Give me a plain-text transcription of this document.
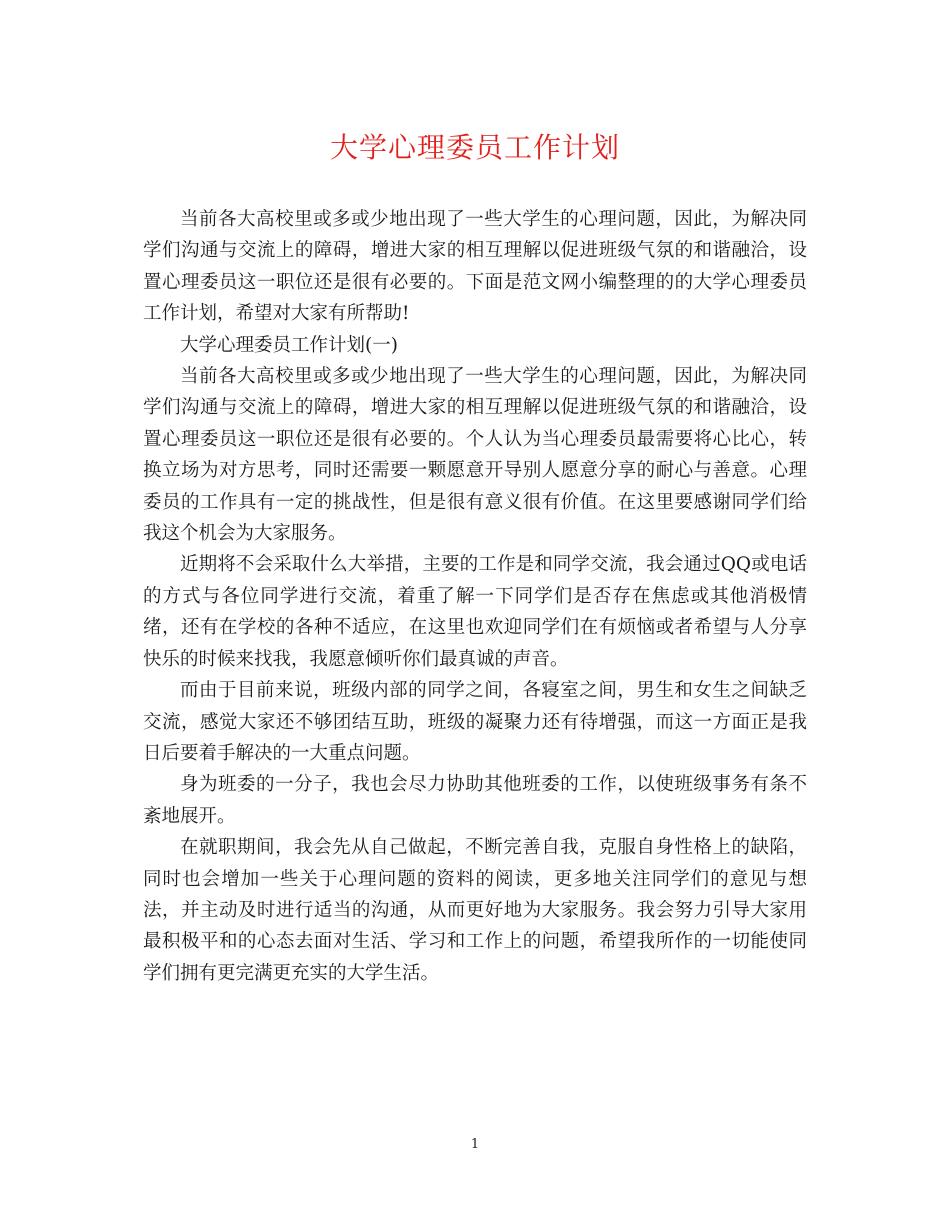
大学心理委员工作计划

当前各大高校里或多或少地出现了一些大学生的心理问题，因此，为解决同学们沟通与交流上的障碍，增进大家的相互理解以促进班级气氛的和谐融洽，设置心理委员这一职位还是很有必要的。下面是范文网小编整理的的大学心理委员工作计划，希望对大家有所帮助!

大学心理委员工作计划(一)

当前各大高校里或多或少地出现了一些大学生的心理问题，因此，为解决同学们沟通与交流上的障碍，增进大家的相互理解以促进班级气氛的和谐融洽，设置心理委员这一职位还是很有必要的。个人认为当心理委员最需要将心比心，转换立场为对方思考，同时还需要一颗愿意开导别人愿意分享的耐心与善意。心理委员的工作具有一定的挑战性，但是很有意义很有价值。在这里要感谢同学们给我这个机会为大家服务。

近期将不会采取什么大举措，主要的工作是和同学交流，我会通过QQ或电话的方式与各位同学进行交流，着重了解一下同学们是否存在焦虑或其他消极情绪，还有在学校的各种不适应，在这里也欢迎同学们在有烦恼或者希望与人分享快乐的时候来找我，我愿意倾听你们最真诚的声音。

而由于目前来说，班级内部的同学之间，各寝室之间，男生和女生之间缺乏交流，感觉大家还不够团结互助，班级的凝聚力还有待增强，而这一方面正是我日后要着手解决的一大重点问题。

身为班委的一分子，我也会尽力协助其他班委的工作，以使班级事务有条不紊地展开。

在就职期间，我会先从自己做起，不断完善自我，克服自身性格上的缺陷，同时也会增加一些关于心理问题的资料的阅读，更多地关注同学们的意见与想法，并主动及时进行适当的沟通，从而更好地为大家服务。我会努力引导大家用最积极平和的心态去面对生活、学习和工作上的问题，希望我所作的一切能使同学们拥有更完满更充实的大学生活。

1
